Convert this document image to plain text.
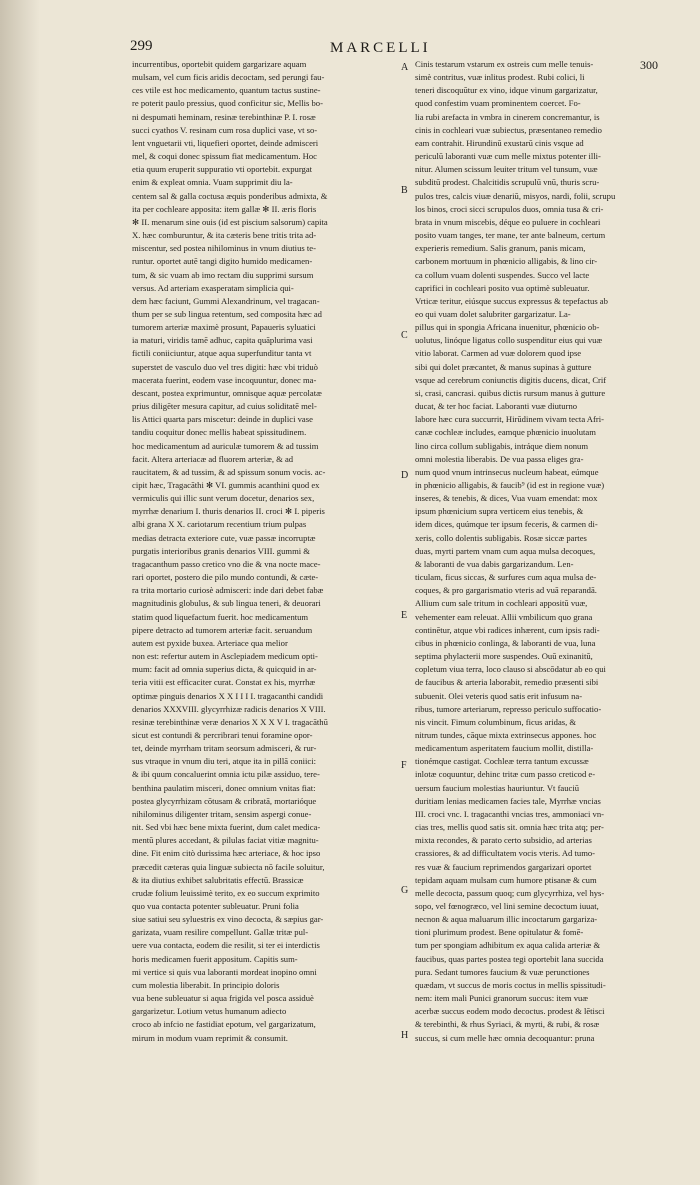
299	MARCELLI
300
incurrentibus, oportebit quidem gargarizare aquam
mulsam, vel cum ficis aridis decoctam, sed perungi fau-
ces vtile est hoc medicamento, quantum tactus sustine-
re poterit paulo pressius, quod conficitur sic, Mellis bo-
ni despumati heminam, resinæ terebinthinæ P. I. rosæ
succi cyathos V. resinam cum rosa duplici vase, vt so-
lent vnguetarii vti, liquefieri oportet, deinde admisceri
mel, & coqui donec spissum fiat medicamentum. Hoc
etia quum eruperit suppuratio vti oportebit. expurgat
enim & expleat omnia. Vuam supprimit diu la-
centem sal & galla coctusa æquis ponderibus admixta, &
ita per cochleare apposita: item gallæ ✻ II. æris floris
✻ II. menarum sine ouis (id est piscium salsorum) capita
X. hæc comburuntur, & ita cæteris bene tritis trita ad-
miscentur, sed postea nihilominus in vnum diutius te-
runtur. oportet autē tangi digito humido medicamen-
tum, & sic vuam ab imo rectam diu supprimi sursum
versus. Ad arteriam exasperatam simplicia qui-
dem hæc faciunt, Gummi Alexandrinum, vel tragacan-
thum per se sub lingua retentum, sed composita hæc ad
tumorem arteriæ maximè prosunt, Papaueris syluatici
ia maturi, viridis tamē adhuc, capita quāplurima vasi
fictili coniiciuntur, atque aqua superfunditur tanta vt
superstet de vasculo duo vel tres digiti: hæc vbi triduò
macerata fuerint, eodem vase incoquuntur, donec ma-
descant, postea exprimuntur, omnisque aquæ percolatæ
prius diligēter mesura capitur, ad cuius soliditatē mel-
lis Attici quarta pars miscetur: deinde in duplici vase
tandiu coquitur donec mellis habeat spissitudinem.
hoc medicamentum ad auriculæ tumorem & ad tussim
facit. Altera arteriacæ ad fluorem arteriæ, & ad
raucitatem, & ad tussim, & ad spissum sonum vocis. ac-
cipit hæc, Tragacāthi ✻ VI. gummis acanthini quod ex
vermiculis qui illic sunt verum docetur, denarios sex,
myrrhæ denarium I. thuris denarios II. croci ✻ I. piperis
albi grana X X. cariotarum recentium trium pulpas
medias detracta exteriore cute, vuæ passæ incorruptæ
purgatis interioribus granis denarios VIII. gummi &
tragacanthum passo cretico vno die & vna nocte mace-
rari oportet, postero die pilo mundo contundi, & cæte-
ra trita mortario curiosè admisceri: inde dari debet fabæ
magnitudinis globulus, & sub lingua teneri, & deuorari
statim quod liquefactum fuerit. hoc medicamentum
pipere detracto ad tumorem arteriæ facit. seruandum
autem est pyxide buxea. Arteriace qua melior
non est: refertur autem in Asclepiadem medicum opti-
mum: facit ad omnia superius dicta, & quicquid in ar-
teria vitii est efficaciter curat. Constat ex his, myrrhæ
optimæ pinguis denarios X X I I I I. tragacanthi candidi
denarios XXXVIII. glycyrrhizæ radicis denarios X VIII.
resinæ terebinthinæ veræ denarios X X X V I. tragacāthū
sicut est contundi & percribrari tenui foramine opor-
tet, deinde myrrham tritam seorsum admisceri, & rur-
sus vtraque in vnum diu teri, atque ita in pillā coniici:
& ibi quum concaluerint omnia ictu pilæ assiduo, tere-
benthina paulatim misceri, donec omnium vnitas fiat:
postea glycyrrhizam cōtusam & cribratā, mortarióque
nihilominus diligenter tritam, sensim aspergi conue-
nit. Sed vbi hæc bene mixta fuerint, dum calet medica-
mentū plures accedant, & pilulas faciat vitiæ magnitu-
dine. Fit enim citò durissima hæc arteriace, & hoc ipso
præcedit cæteras quia linguæ subiecta nō facile soluitur,
& ita diutius exhibet salubritatis effectū. Brassicæ
crudæ folium leuissimè terito, ex eo succum exprimito
quo vua contacta potenter subleuatur. Pruni folia
siue satiui seu syluestris ex vino decocta, & sæpius gar-
garizata, vuam resilire compellunt. Gallæ tritæ pul-
uere vua contacta, eodem die resilit, si ter ei interdictis
horis medicamen fuerit appositum. Capitis sum-
mi vertice si quis vua laboranti mordeat inopino omni
cum molestia liberabit. In principio doloris
vua bene subleuatur si aqua frigida vel posca assiduè
gargarizetur. Lotium vetus humanum adiecto
croco ab infcio ne fastidiat epotum, vel gargarizatum,
mirum in modum vuam reprimit & consumit.
Cinis testarum vstarum ex ostreis cum melle tenuis-
simè contritus, vuæ inlitus prodest. Rubi colici, li
teneri discoquūtur ex vino, idque vinum gargarizatur,
quod confestim vuam prominentem coercet. Fo-
lia rubi arefacta in vmbra in cinerem concremantur, is
cinis in cochleari vuæ subiectus, præsentaneo remedio
eam contrahit. Hirundinū exustarū cinis vsque ad
periculū laboranti vuæ cum melle mixtus potenter illi-
nitur. Alumen scissum leuiter tritum vel tunsum, vuæ
subditū prodest. Chalcitidis scrupulū vnū, thuris scru-
pulos tres, calcis viuæ denariū, misyos, nardi, folii, scrupu
los binos, croci sicci scrupulos duos, omnia tusa & cri-
brata in vnum miscebis, déque eo puluere in cochleari
posito vuam tanges, ter mane, ter ante balneum, certum
experieris remedium. Salis granum, panis micam,
carbonem mortuum in phœnicio alligabis, & lino cir-
ca collum vuam dolenti suspendes. Succo vel lacte
caprifici in cochleari posito vua optimè subleuatur.
Vrticæ teritur, eiúsque succus expressus & tepefactus ab
eo qui vuam dolet salubriter gargarizatur. La-
pillus qui in spongia Africana inuenitur, phœnicio ob-
uolutus, linóque ligatus collo suspenditur eius qui vuæ
vitio laborat. Carmen ad vuæ dolorem quod ipse
sibi qui dolet præcantet, & manus supinas à gutture
vsque ad cerebrum coniunctis digitis ducens, dicat, Crif
si, crasi, cancrasi. quibus dictis rursum manus à gutture
ducat, & ter hoc faciat. Laboranti vuæ diuturno
labore hæc cura succurrit, Hirūdinem vivam tecta Afri-
canæ cochleæ includes, eamque phœnicio inuolutam
lino circa collum subligabis, intráque diem nonum
omni molestia liberabis. De vua passa eliges gra-
num quod vnum intrinsecus nucleum habeat, eúmque
in phœnicio alligabis, & faucib⁹ (id est in regione vuæ)
inseres, & tenebis, & dices, Vua vuam emendat: mox
ipsum phœnicium supra verticem eius tenebis, &
idem dices, quúmque ter ipsum feceris, & carmen di-
xeris, collo dolentis subligabis. Rosæ siccæ partes
duas, myrti partem vnam cum aqua mulsa decoques,
& laboranti de vua dabis gargarizandum. Len-
ticulam, ficus siccas, & surfures cum aqua mulsa de-
coques, & pro gargarismatio vteris ad vuā reparandā.
Allium cum sale tritum in cochleari appositū vuæ,
vehementer eam releuat. Allii vmbilicum quo grana
continētur, atque vbi radices inhærent, cum ipsis radi-
cibus in phœnicio conlinga, & laboranti de vua, luna
septima phylacterii more suspendes. Ouū exinanitū,
copletum viua terra, loco clauso si abscōdatur ab eo qui
de faucibus & arteria laborabit, remedio præsenti sibi
subuenit. Olei veteris quod satis erit infusum na-
ribus, tumore arteriarum, represso periculo suffocatio-
nis vincit. Fimum columbinum, ficus aridas, &
nitrum tundes, cāque mixta extrinsecus appones. hoc
medicamentum asperitatem faucium mollit, distilla-
tionémque castigat. Cochleæ terra tantum excussæ
inlotæ coquuntur, dehinc tritæ cum passo creticod e-
uersum faucium molestias hauriuntur. Vt fauciū
duritiam lenias medicamen facies tale, Myrrhæ vncias
III. croci vnc. I. tragacanthi vncias tres, ammoniaci vn-
cias tres, mellis quod satis sit. omnia hæc trita atq; per-
mixta recondes, & parato certo subsidio, ad arterias
crassiores, & ad difficultatem vocis vteris. Ad tumo-
res vuæ & faucium reprimendos gargarizari oportet
tepidam aquam mulsam cum humore ptisanæ & cum
melle decocta, passum quoq; cum glycyrrhiza, vel hys-
sopo, vel fœnogræco, vel lini semine decoctum iuuat,
necnon & aqua maluarum illic incoctarum gargariza-
tioni plurimum prodest. Bene opitulatur & fomē-
tum per spongiam adhibitum ex aqua calida arteriæ &
faucibus, quas partes postea tegi oportebit lana succida
pura. Sedant tumores faucium & vuæ perunctiones
quædam, vt succus de moris coctus in mellis spissitudi-
nem: item mali Punici granorum succus: item vuæ
acerbæ succus eodem modo decoctus. prodest & lētisci
& terebinthi, & rhus Syriaci, & myrti, & rubi, & rosæ
succus, si cum melle hæc omnia decoquantur: pruna
A
B
C
D
E
F
G
H
